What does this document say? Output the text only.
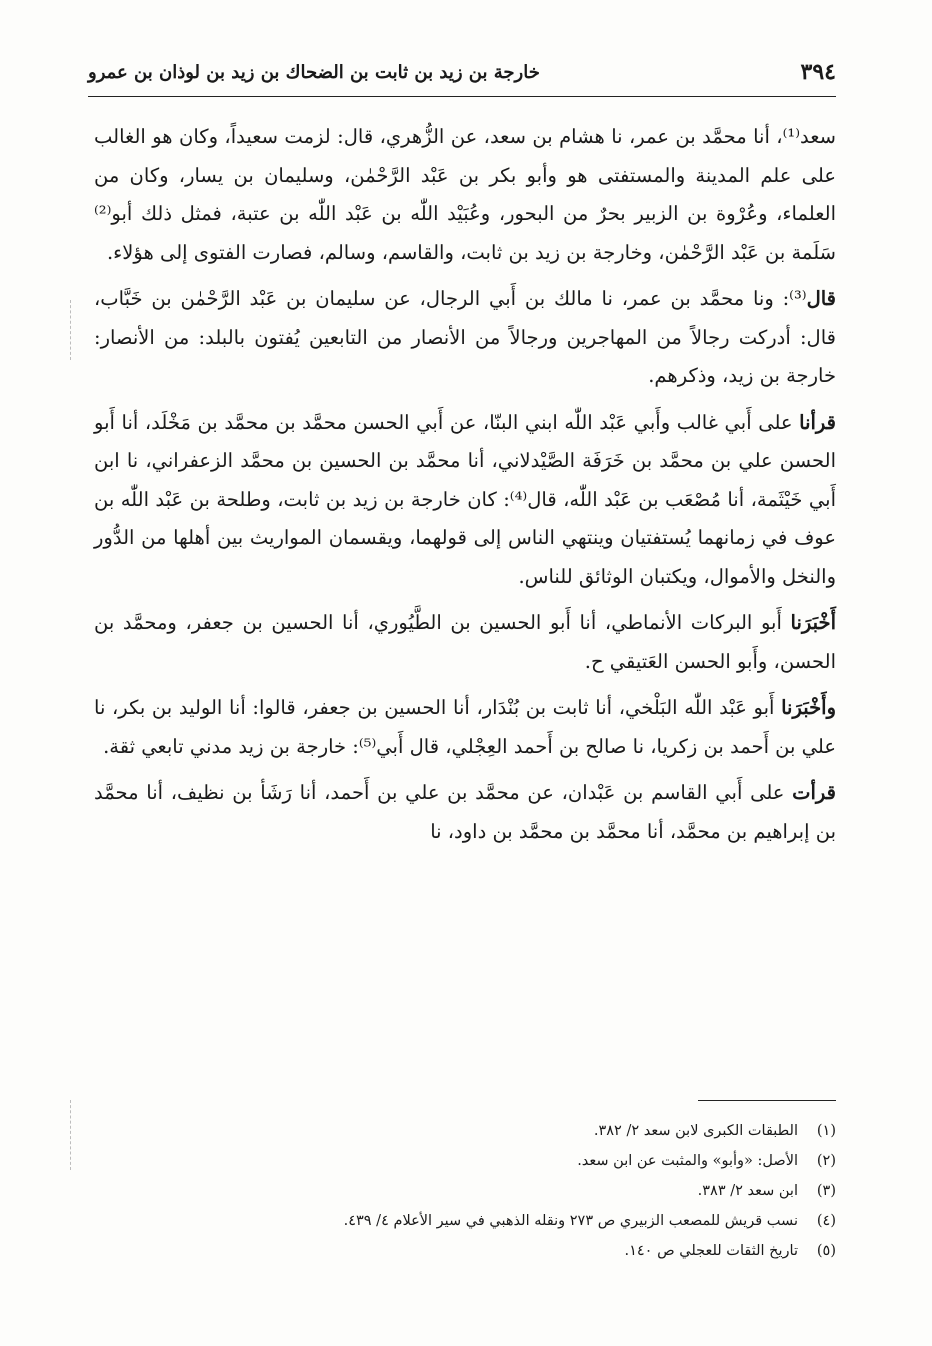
٣٩٤
خارجة بن زيد بن ثابت بن الضحاك بن زيد بن لوذان بن عمرو

سعد⁽¹⁾، أنا محمَّد بن عمر، نا هشام بن سعد، عن الزُّهري، قال: لزمت سعيداً، وكان هو الغالب على علم المدينة والمستفتى هو وأبو بكر بن عَبْد الرَّحْمٰن، وسليمان بن يسار، وكان من العلماء، وعُرْوة بن الزبير بحرٌ من البحور، وعُبَيْد اللّٰه بن عَبْد اللّٰه بن عتبة، فمثل ذلك أبو⁽²⁾ سَلَمة بن عَبْد الرَّحْمٰن، وخارجة بن زيد بن ثابت، والقاسم، وسالم، فصارت الفتوى إلى هؤلاء.

قال⁽³⁾: ونا محمَّد بن عمر، نا مالك بن أَبي الرجال، عن سليمان بن عَبْد الرَّحْمٰن بن خَبَّاب، قال: أدركت رجالاً من المهاجرين ورجالاً من الأنصار من التابعين يُفتون بالبلد: من الأنصار: خارجة بن زيد، وذكرهم.

قرأنا على أَبي غالب وأَبي عَبْد اللّٰه ابني البنّا، عن أَبي الحسن محمَّد بن محمَّد بن مَخْلَد، أنا أَبو الحسن علي بن محمَّد بن خَرَفَة الصَّيْدلاني، أنا محمَّد بن الحسين بن محمَّد الزعفراني، نا ابن أَبي خَيْثَمة، أنا مُصْعَب بن عَبْد اللّٰه، قال⁽⁴⁾: كان خارجة بن زيد بن ثابت، وطلحة بن عَبْد اللّٰه بن عوف في زمانهما يُستفتيان وينتهي الناس إلى قولهما، ويقسمان المواريث بين أهلها من الدُّور والنخل والأموال، ويكتبان الوثائق للناس.

أَخْبَرَنا أَبو البركات الأنماطي، أنا أَبو الحسين بن الطَّيُوري، أنا الحسين بن جعفر، ومحمَّد بن الحسن، وأَبو الحسن العَتيقي ح.

وأَخْبَرَنا أَبو عَبْد اللّٰه البَلْخي، أنا ثابت بن بُنْدَار، أنا الحسين بن جعفر، قالوا: أنا الوليد بن بكر، نا علي بن أَحمد بن زكريا، نا صالح بن أَحمد العِجْلي، قال أَبي⁽⁵⁾: خارجة بن زيد مدني تابعي ثقة.

قرأت على أَبي القاسم بن عَبْدان، عن محمَّد بن علي بن أَحمد، أنا رَشَأ بن نظيف، أنا محمَّد بن إبراهيم بن محمَّد، أنا محمَّد بن محمَّد بن داود، نا

(١)
الطبقات الكبرى لابن سعد ٢/ ٣٨٢.
(٢)
الأصل: «وأبو» والمثبت عن ابن سعد.
(٣)
ابن سعد ٢/ ٣٨٣.
(٤)
نسب قريش للمصعب الزبيري ص ٢٧٣ ونقله الذهبي في سير الأعلام ٤/ ٤٣٩.
(٥)
تاريخ الثقات للعجلي ص ١٤٠.
